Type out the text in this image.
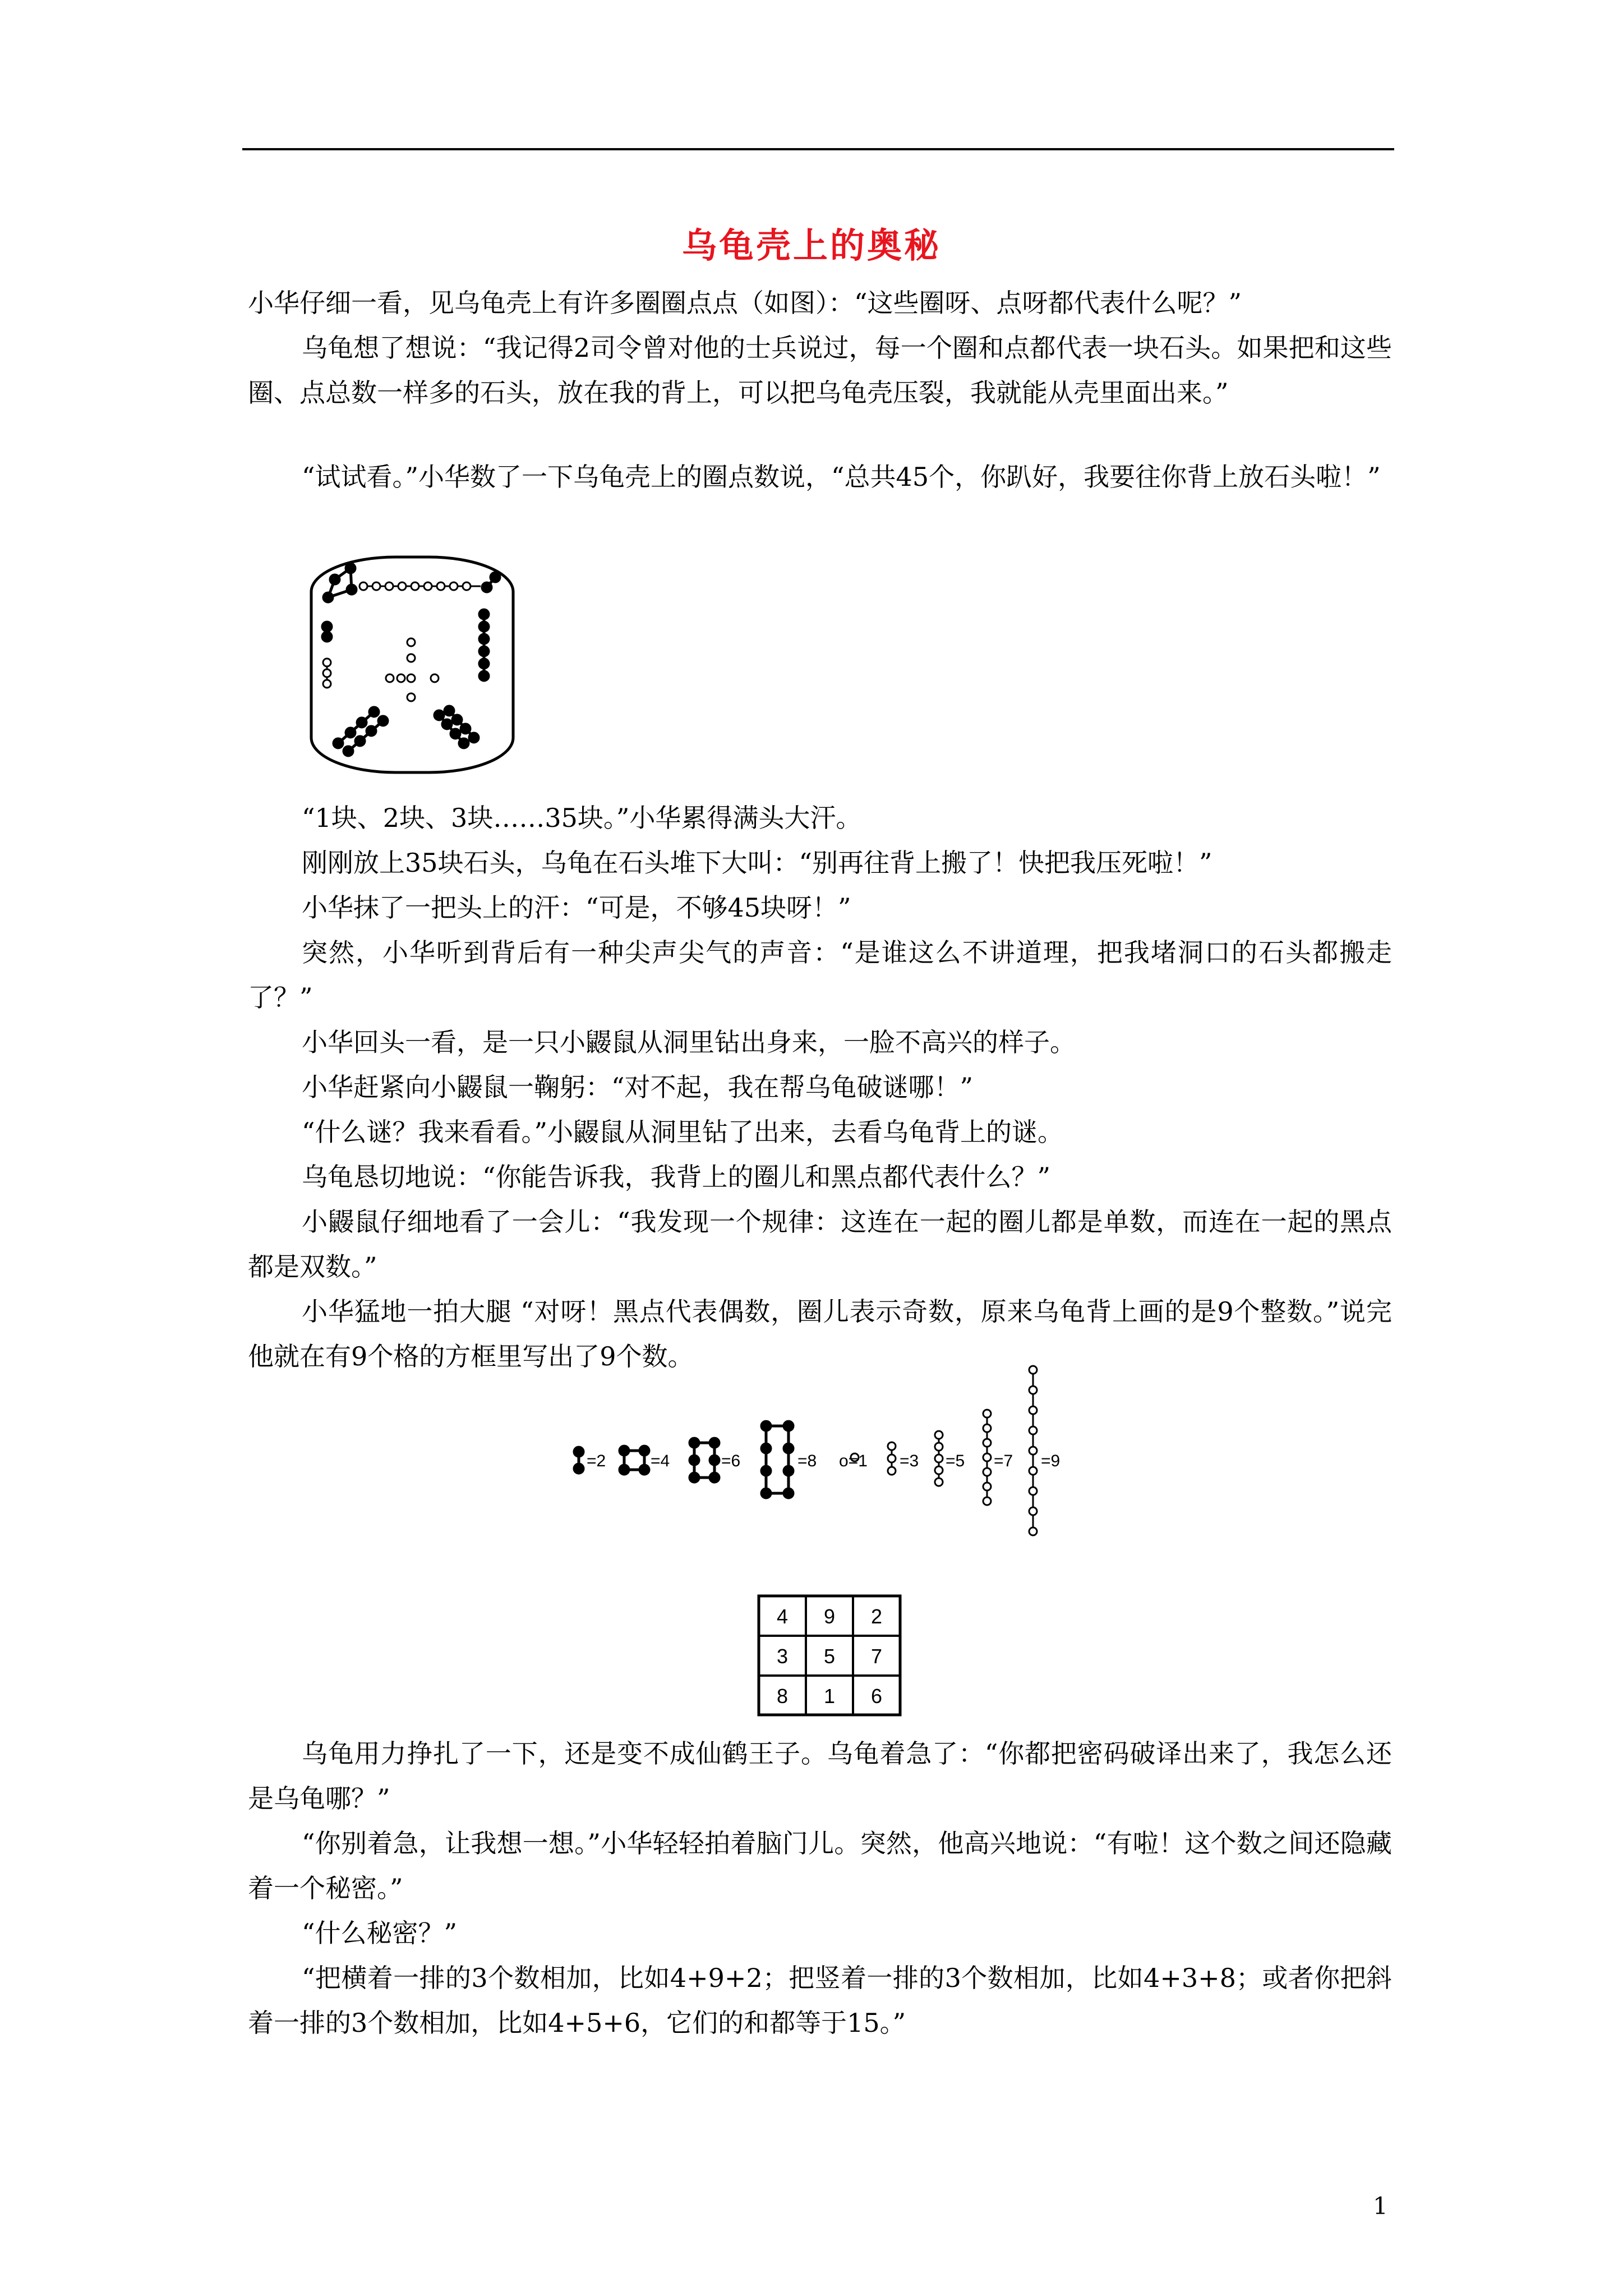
乌龟壳上的奥秘
小华仔细一看，见乌龟壳上有许多圈圈点点（如图）：“这些圈呀、点呀都代表什么呢？”
乌龟想了想说：“我记得2司令曾对他的士兵说过，每一个圈和点都代表一块石头。如果把和这些圈、点总数一样多的石头，放在我的背上，可以把乌龟壳压裂，我就能从壳里面出来。”
“试试看。”小华数了一下乌龟壳上的圈点数说，“总共45个，你趴好，我要往你背上放石头啦！”
“1块、2块、3块……35块。”小华累得满头大汗。
刚刚放上35块石头，乌龟在石头堆下大叫：“别再往背上搬了！快把我压死啦！”
小华抹了一把头上的汗：“可是，不够45块呀！”
突然，小华听到背后有一种尖声尖气的声音：“是谁这么不讲道理，把我堵洞口的石头都搬走了？”
小华回头一看，是一只小鼹鼠从洞里钻出身来，一脸不高兴的样子。
小华赶紧向小鼹鼠一鞠躬：“对不起，我在帮乌龟破谜哪！”
“什么谜？我来看看。”小鼹鼠从洞里钻了出来，去看乌龟背上的谜。
乌龟恳切地说：“你能告诉我，我背上的圈儿和黑点都代表什么？”
小鼹鼠仔细地看了一会儿：“我发现一个规律：这连在一起的圈儿都是单数，而连在一起的黑点都是双数。”
小华猛地一拍大腿 “对呀！黑点代表偶数，圈儿表示奇数，原来乌龟背上画的是9个整数。”说完他就在有9个格的方框里写出了9个数。
=2	=4	=6	=8 o=1 =3 =5 =7 =9
4 9 2
3 5 7
8 1 6
乌龟用力挣扎了一下，还是变不成仙鹤王子。乌龟着急了：“你都把密码破译出来了，我怎么还是乌龟哪？”
“你别着急，让我想一想。”小华轻轻拍着脑门儿。突然，他高兴地说：“有啦！这个数之间还隐藏着一个秘密。”
“什么秘密？”
“把横着一排的3个数相加，比如4+9+2；把竖着一排的3个数相加，比如4+3+8；或者你把斜着一排的3个数相加，比如4+5+6，它们的和都等于15。”
1
